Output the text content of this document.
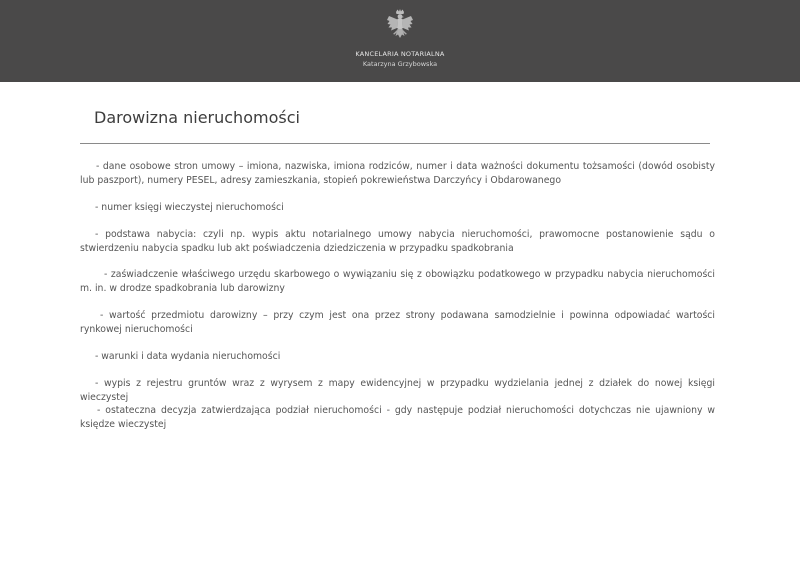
KANCELARIA NOTARIALNA
Katarzyna Grzybowska
Darowizna nieruchomości
- dane osobowe stron umowy – imiona, nazwiska, imiona rodziców, numer i data ważności dokumentu tożsamości (dowód osobisty lub paszport), numery PESEL, adresy zamieszkania, stopień pokrewieństwa Darczyńcy i Obdarowanego
- numer księgi wieczystej nieruchomości
- podstawa nabycia: czyli np. wypis aktu notarialnego umowy nabycia nieruchomości, prawomocne postanowienie sądu o stwierdzeniu nabycia spadku lub akt poświadczenia dziedziczenia w przypadku spadkobrania
- zaświadczenie właściwego urzędu skarbowego o wywiązaniu się z obowiązku podatkowego w przypadku nabycia nieruchomości m. in. w drodze spadkobrania lub darowizny
- wartość przedmiotu darowizny – przy czym jest ona przez strony podawana samodzielnie i powinna odpowiadać wartości rynkowej nieruchomości
- warunki i data wydania nieruchomości
- wypis z rejestru gruntów wraz z wyrysem z mapy ewidencyjnej w przypadku wydzielania jednej z działek do nowej księgi wieczystej
- ostateczna decyzja zatwierdzająca podział nieruchomości - gdy następuje podział nieruchomości dotychczas nie ujawniony w księdze wieczystej
